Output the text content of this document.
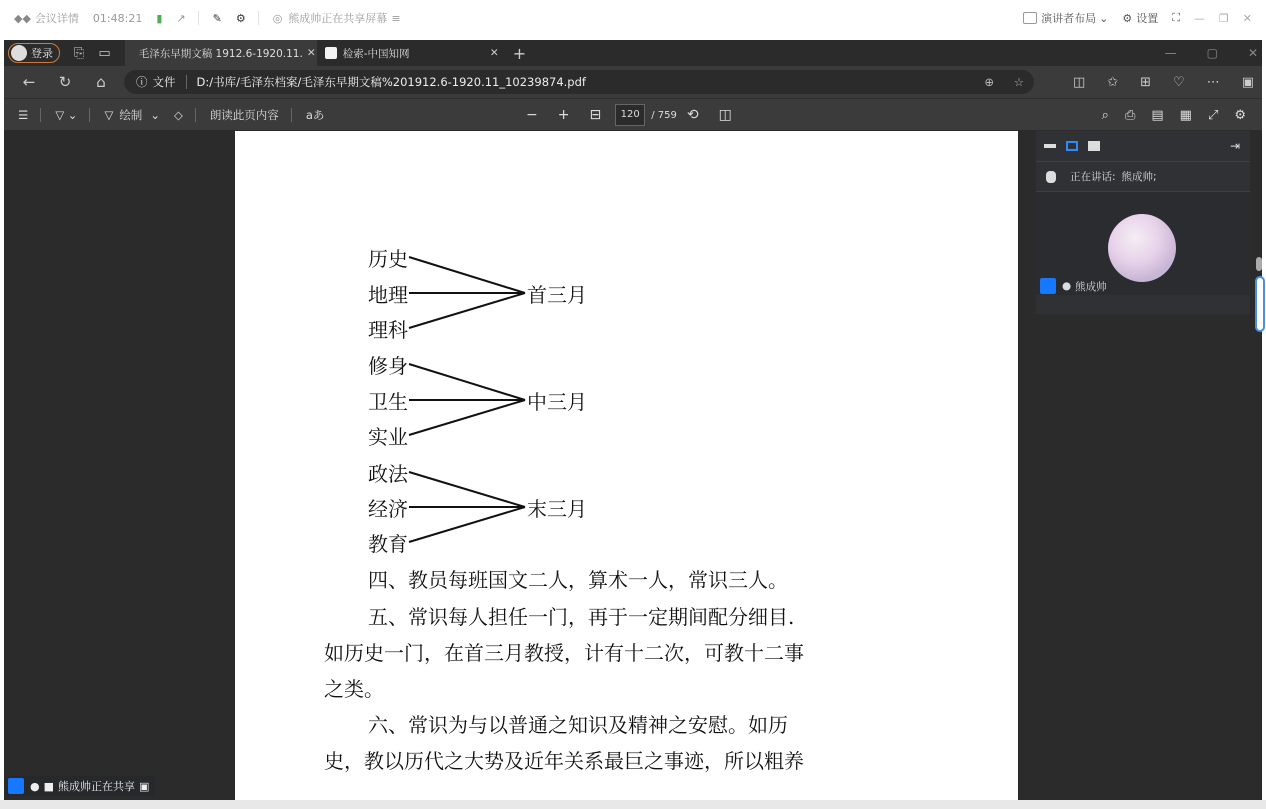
◆◆ 会议详情 01:48:21 ▮ ↗ ✎ ⚙ ◎ 熊成帅正在共享屏幕 ≡	演讲者布局 ⌄ ⚙ 设置 ⛶ — ❐ ✕
登录 ⎘ ▭	毛泽东早期文稿 1912.6-1920.11. ✕	检索-中国知网	✕ +	—	▢	✕
←	↻	⌂	ⓘ 文件 D:/书库/毛泽东档案/毛泽东早期文稿%201912.6-1920.11_10239874.pdf	⊕ ☆	◫ ✩ ⊞ ♡ ⋯ ▣
☰ ▽ ⌄ ▽ 绘制 ⌄ ◇ 朗读此页内容 aあ	− + ⊟	120	/ 759 ⟲ ◫	⌕ ⎙ ▤ ▦ ⤢ ⚙
历史
地理
理科
修身
卫生
实业
政法
经济
教育
首三月
中三月
末三月
四、教员每班国文二人，算术一人，常识三人。
五、常识每人担任一门，再于一定期间配分细目.
如历史一门，在首三月教授，计有十二次，可教十二事
之类。
六、常识为与以普通之知识及精神之安慰。如历
史，教以历代之大势及近年关系最巨之事迹，所以粗养
⇥
正在讲话: 熊成帅;
● 熊成帅
● ■ 熊成帅正在共享 ▣
